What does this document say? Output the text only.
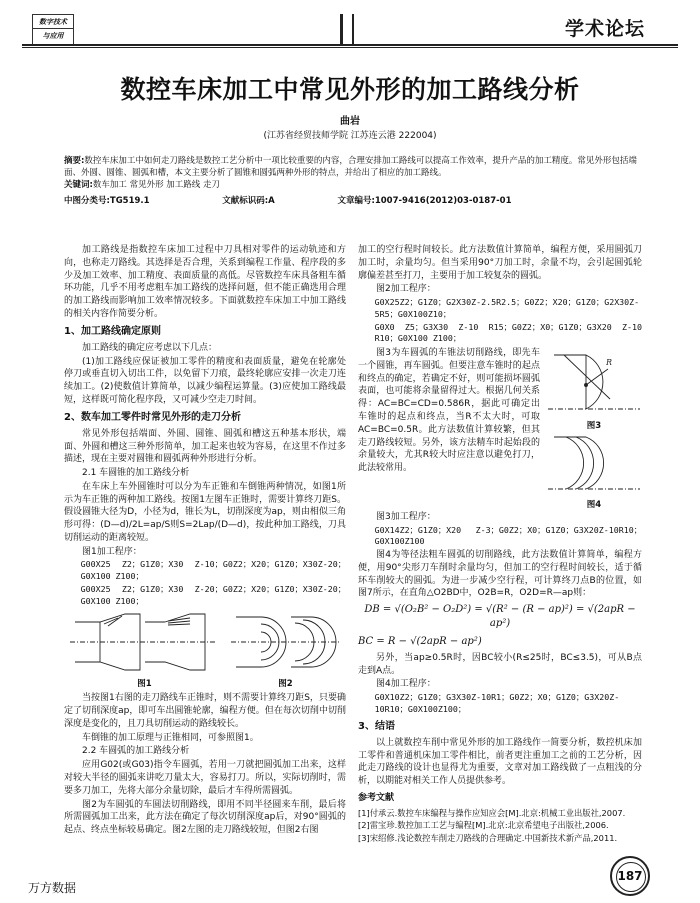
数字技术
与应用	学术论坛
数控车床加工中常见外形的加工路线分析
曲岩
(江苏省经贸技师学院 江苏连云港 222004)
摘要:数控车床加工中如何走刀路线是数控工艺分析中一项比较重要的内容，合理安排加工路线可以提高工作效率，提升产品的加工精度。常见外形包括端面、外圆、圆锥、圆弧和槽，本文主要分析了圆锥和圆弧两种外形的特点，并给出了相应的加工路线。
关键词:数车加工 常见外形 加工路线 走刀
中图分类号:TG519.1	文献标识码:A	文章编号:1007-9416(2012)03-0187-01

加工路线是指数控车床加工过程中刀具相对零件的运动轨迹和方向，也称走刀路线。其选择是否合理，关系到编程工作量、程序段的多少及加工效率、加工精度、表面质量的高低。尽管数控车床具备粗车循环功能，几乎不用考虑粗车加工路线的选择问题，但不能正确选用合理的加工路线而影响加工效率情况较多。下面就数控车床加工中加工路线的相关内容作简要分析。

1、加工路线确定原则

加工路线的确定应考虑以下几点：

(1)加工路线应保证被加工零件的精度和表面质量，避免在轮廓处停刀或垂直切入切出工件，以免留下刀痕，最终轮廓应安排一次走刀连续加工。(2)使数值计算简单，以减少编程运算量。(3)应使加工路线最短，这样既可简化程序段，又可减少空走刀时间。

2、数车加工零件时常见外形的走刀分析

常见外形包括端面、外圆、圆锥、圆弧和槽这五种基本形状，端面、外圆和槽这三种外形简单，加工起来也较为容易，在这里不作过多描述，现在主要对圆锥和圆弧两种外形进行分析。

2.1 车圆锥的加工路线分析

在车床上车外圆锥时可以分为车正锥和车倒锥两种情况，如图1所示为车正锥的两种加工路线。按图1左图车正锥时，需要计算终刀距S。假设圆锥大径为D，小径为d，锥长为L，切削深度为ap，则由相似三角形可得：(D—d)/2L=ap/S则S=2Lap/(D—d)，按此种加工路线，刀具切削运动的距离较短。

图1加工程序：

G00X25 Z2；G1Z0；X30 Z-10；G0Z2；X20；G1Z0；X30Z-20；G0X100 Z100；

G00X25 Z2；G1Z0；X30 Z-20；G0Z2；X20；G1Z0；X30Z-20；G0X100 Z100；

图1	图2

当按图1右图的走刀路线车正锥时，则不需要计算终刀距S，只要确定了切削深度ap，即可车出圆锥轮廓，编程方便。但在每次切削中切削深度是变化的，且刀具切削运动的路线较长。

车倒锥的加工原理与正锥相同，可参照图1。

2.2 车圆弧的加工路线分析

应用G02(或G03)指令车圆弧，若用一刀就把圆弧加工出来，这样对较大半径的圆弧来讲吃刀量太大，容易打刀。所以，实际切削时，需要多刀加工，先将大部分余量切除，最后才车得所需圆弧。

图2为车圆弧的车圆法切削路线，即用不同半径圆来车削，最后将所需圆弧加工出来，此方法在确定了每次切削深度ap后，对90°圆弧的起点、终点坐标较易确定。图2左图的走刀路线较短，但图2右图

加工的空行程时间较长。此方法数值计算简单，编程方便，采用圆弧刀加工时，余量均匀。但当采用90°刀加工时，余量不均，会引起圆弧轮廓偏差甚至打刀，主要用于加工较复杂的圆弧。

图2加工程序：

G0X25Z2；G1Z0；G2X30Z-2.5R2.5；G0Z2；X20；G1Z0；G2X30Z-5R5；G0X100Z10；

G0X0 Z5；G3X30 Z-10 R15；G0Z2；X0；G1Z0；G3X20 Z-10 R10；G0X100 Z100；

图3为车圆弧的车锥法切削路线，即先车一个圆锥，再车圆弧。但要注意车锥时的起点和终点的确定，若确定不好，则可能损坏圆弧表面，也可能将余量留得过大。根据几何关系得：AC=BC=CD=0.586R，据此可确定出车锥时的起点和终点，当R不太大时，可取AC=BC=0.5R。此方法数值计算较繁，但其走刀路线较短。另外，该方法精车时起始段的余量较大，尤其R较大时应注意以避免打刀，此法较常用。

R
图3
图4

图3加工程序：

G0X14Z2；G1Z0；X20 Z-3；G0Z2；X0；G1Z0；G3X20Z-10R10；G0X100Z100

图4为等径法粗车圆弧的切削路线，此方法数值计算简单，编程方便，用90°尖形刀车削时余量均匀，但加工的空行程时间较长，适于循环车削较大的圆弧。为进一步减少空行程，可计算终刀点B的位置，如图7所示，在直角△O2BD中，O2B=R，O2D=R—ap则：

DB = √(O₂B² − O₂D²) = √(R² − (R − ap)²) = √(2apR − ap²)
BC = R − √(2apR − ap²)

另外，当ap≥0.5R时，因BC较小(R≤25时，BC≤3.5)，可从B点走到A点。

图4加工程序：

G0X10Z2；G1Z0；G3X30Z-10R1；G0Z2；X0；G1Z0；G3X20Z-10R10；G0X100Z100；

3、结语

以上就数控车削中常见外形的加工路线作一简要分析，数控机床加工零件和普通机床加工零件相比，前者更注重加工之前的工艺分析，因此走刀路线的设计也显得尤为重要，文章对加工路线做了一点粗浅的分析，以期能对相关工作人员提供参考。

参考文献

[1]付承云.数控车床编程与操作应知应会[M].北京:机械工业出版社,2007.

[2]雷宝珍.数控加工工艺与编程[M].北京:北京希望电子出版社,2006.

[3]宋绍修.浅论数控车削走刀路线的合理确定.中国新技术新产品,2011.

万方数据
187
